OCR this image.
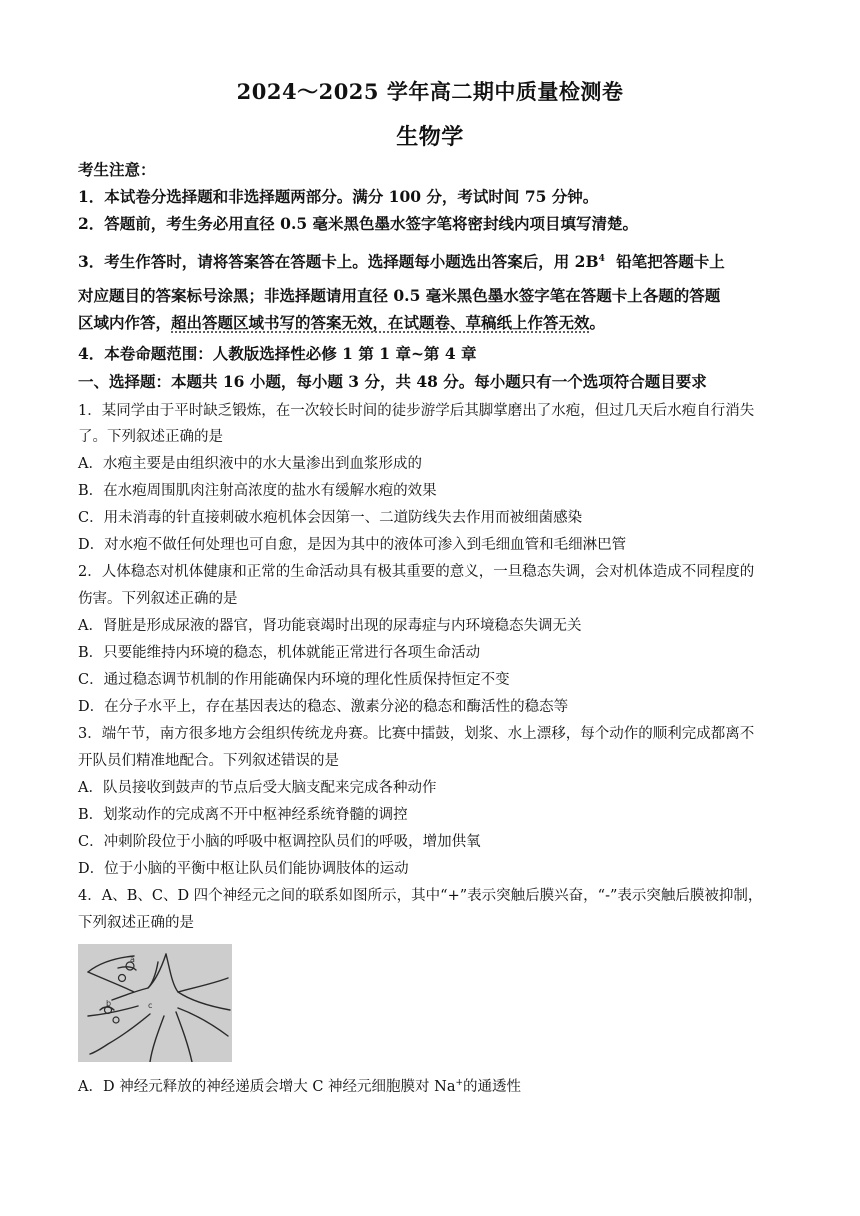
2024～2025 学年高二期中质量检测卷
生物学
考生注意：
1．本试卷分选择题和非选择题两部分。满分 100 分，考试时间 75 分钟。
2．答题前，考生务必用直径 0.5 毫米黑色墨水签字笔将密封线内项目填写清楚。
3．考生作答时，请将答案答在答题卡上。选择题每小题选出答案后，用 $2B^4$ 铅笔把答题卡上
对应题目的答案标号涂黑；非选择题请用直径 0.5 毫米黑色墨水签字笔在答题卡上各题的答题
区域内作答，超出答题区域书写的答案无效，在试题卷、草稿纸上作答无效。
4．本卷命题范围：人教版选择性必修 1 第 1 章~第 4 章
一、选择题：本题共 16 小题，每小题 3 分，共 48 分。每小题只有一个选项符合题目要求
1．某同学由于平时缺乏锻炼，在一次较长时间的徒步游学后其脚掌磨出了水疱，但过几天后水疱自行消失
了。下列叙述正确的是
A．水疱主要是由组织液中的水大量渗出到血浆形成的
B．在水疱周围肌肉注射高浓度的盐水有缓解水疱的效果
C．用未消毒的针直接刺破水疱机体会因第一、二道防线失去作用而被细菌感染
D．对水疱不做任何处理也可自愈，是因为其中的液体可渗入到毛细血管和毛细淋巴管
2．人体稳态对机体健康和正常的生命活动具有极其重要的意义，一旦稳态失调，会对机体造成不同程度的
伤害。下列叙述正确的是
A．肾脏是形成尿液的器官，肾功能衰竭时出现的尿毒症与内环境稳态失调无关
B．只要能维持内环境的稳态，机体就能正常进行各项生命活动
C．通过稳态调节机制的作用能确保内环境的理化性质保持恒定不变
D．在分子水平上，存在基因表达的稳态、激素分泌的稳态和酶活性的稳态等
3．端午节，南方很多地方会组织传统龙舟赛。比赛中擂鼓，划浆、水上漂移，每个动作的顺利完成都离不
开队员们精准地配合。下列叙述错误的是
A．队员接收到鼓声的节点后受大脑支配来完成各种动作
B．划浆动作的完成离不开中枢神经系统脊髓的调控
C．冲刺阶段位于小脑的呼吸中枢调控队员们的呼吸，增加供氧
D．位于小脑的平衡中枢让队员们能协调肢体的运动
4．A、B、C、D 四个神经元之间的联系如图所示，其中“+”表示突触后膜兴奋，“-”表示突触后膜被抑制，
下列叙述正确的是
a
b	c
A．D 神经元释放的神经递质会增大 C 神经元细胞膜对 Na+的通透性
